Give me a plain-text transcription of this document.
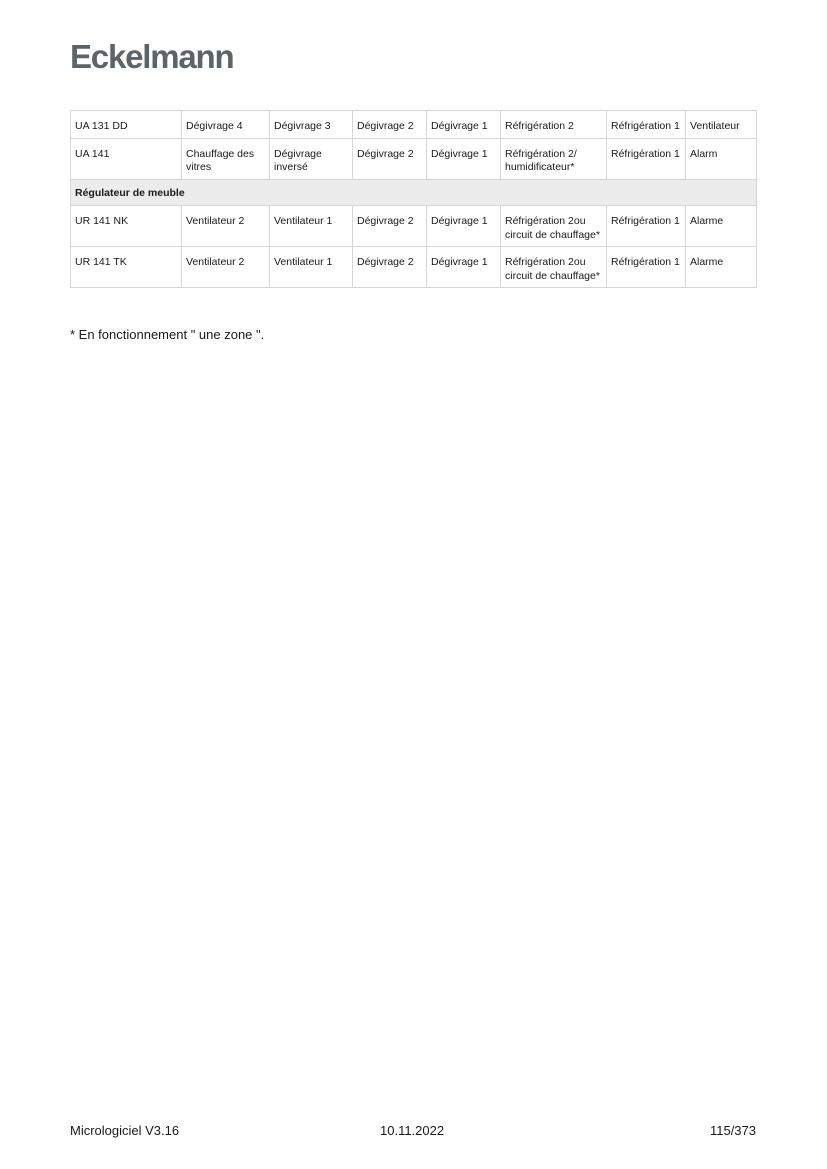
Eckelmann
UA 131 DD	Dégivrage 4	Dégivrage 3	Dégivrage 2	Dégivrage 1	Réfrigération 2	Réfrigération 1	Ventilateur
UA 141	Chauffage des vitres	Dégivrage inversé	Dégivrage 2	Dégivrage 1	Réfrigération 2/ humidificateur*	Réfrigération 1	Alarm
Régulateur de meuble							
UR 141 NK	Ventilateur 2	Ventilateur 1	Dégivrage 2	Dégivrage 1	Réfrigération 2ou circuit de chauffage*	Réfrigération 1	Alarme
UR 141 TK	Ventilateur 2	Ventilateur 1	Dégivrage 2	Dégivrage 1	Réfrigération 2ou circuit de chauffage*	Réfrigération 1	Alarme
* En fonctionnement " une zone ".
Micrologiciel V3.16	10.11.2022	115/373
